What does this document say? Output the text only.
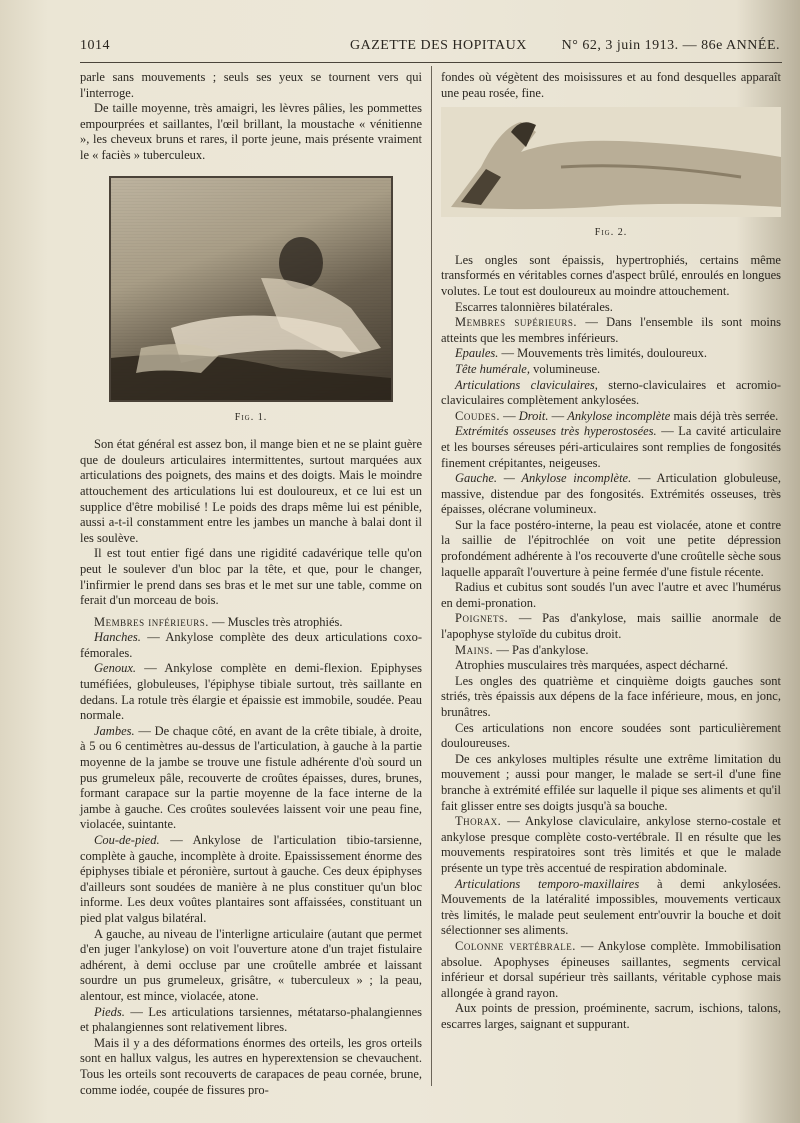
1014	GAZETTE DES HOPITAUX N° 62, 3 juin 1913. — 86e ANNÉE.

parle sans mouvements ; seuls ses yeux se tournent vers qui l'interroge.

De taille moyenne, très amaigri, les lèvres pâlies, les pommettes empourprées et saillantes, l'œil brillant, la moustache « vénitienne », les cheveux bruns et rares, il porte jeune, mais présente vraiment le « faciès » tuberculeux.

Fig. 1.

Son état général est assez bon, il mange bien et ne se plaint guère que de douleurs articulaires intermittentes, surtout marquées aux articulations des poignets, des mains et des doigts. Mais le moindre attouchement des articulations lui est douloureux, et ce lui est un supplice d'être mobilisé ! Le poids des draps même lui est pénible, aussi a-t-il constamment entre les jambes un manche à balai dont il les soulève.

Il est tout entier figé dans une rigidité cadavérique telle qu'on peut le soulever d'un bloc par la tête, et que, pour le changer, l'infirmier le prend dans ses bras et le met sur une table, comme on ferait d'un morceau de bois.

Membres inférieurs. — Muscles très atrophiés.

Hanches. — Ankylose complète des deux articulations coxo-fémorales.

Genoux. — Ankylose complète en demi-flexion. Epiphyses tuméfiées, globuleuses, l'épiphyse tibiale surtout, très saillante en dedans. La rotule très élargie et épaissie est immobile, soudée. Peau normale.

Jambes. — De chaque côté, en avant de la crête tibiale, à droite, à 5 ou 6 centimètres au-dessus de l'articulation, à gauche à la partie moyenne de la jambe se trouve une fistule adhérente d'où sourd un pus grumeleux pâle, recouverte de croûtes épaisses, dures, brunes, formant carapace sur la partie moyenne de la face interne de la jambe à gauche. Ces croûtes soulevées laissent voir une peau fine, violacée, suintante.

Cou-de-pied. — Ankylose de l'articulation tibio-tarsienne, complète à gauche, incomplète à droite. Epaississement énorme des épiphyses tibiale et péronière, surtout à gauche. Ces deux épiphyses d'ailleurs sont soudées de manière à ne plus constituer qu'un bloc informe. Les deux voûtes plantaires sont affaissées, constituant un pied plat valgus bilatéral.

A gauche, au niveau de l'interligne articulaire (autant que permet d'en juger l'ankylose) on voit l'ouverture atone d'un trajet fistulaire adhérent, à demi occluse par une croûtelle ambrée et laissant sourdre un pus grumeleux, grisâtre, « tuberculeux » ; la peau, alentour, est mince, violacée, atone.

Pieds. — Les articulations tarsiennes, métatarso-phalangiennes et phalangiennes sont relativement libres.

Mais il y a des déformations énormes des orteils, les gros orteils sont en hallux valgus, les autres en hyperextension se chevauchent. Tous les orteils sont recouverts de carapaces de peau cornée, brune, comme iodée, coupée de fissures pro-

fondes où végètent des moisissures et au fond desquelles apparaît une peau rosée, fine.

Fig. 2.

Les ongles sont épaissis, hypertrophiés, certains même transformés en véritables cornes d'aspect brûlé, enroulés en longues volutes. Le tout est douloureux au moindre attouchement.

Escarres talonnières bilatérales.

Membres supérieurs. — Dans l'ensemble ils sont moins atteints que les membres inférieurs.

Epaules. — Mouvements très limités, douloureux.

Tête humérale, volumineuse.

Articulations claviculaires, sterno-claviculaires et acromio-claviculaires complètement ankylosées.

Coudes. — Droit. — Ankylose incomplète mais déjà très serrée.

Extrémités osseuses très hyperostosées. — La cavité articulaire et les bourses séreuses péri-articulaires sont remplies de fongosités finement crépitantes, neigeuses.

Gauche. — Ankylose incomplète. — Articulation globuleuse, massive, distendue par des fongosités. Extrémités osseuses, très épaisses, olécrane volumineux.

Sur la face postéro-interne, la peau est violacée, atone et contre la saillie de l'épitrochlée on voit une petite dépression profondément adhérente à l'os recouverte d'une croûtelle sèche sous laquelle apparaît l'ouverture à peine fermée d'une fistule récente.

Radius et cubitus sont soudés l'un avec l'autre et avec l'humérus en demi-pronation.

Poignets. — Pas d'ankylose, mais saillie anormale de l'apophyse styloïde du cubitus droit.

Mains. — Pas d'ankylose.

Atrophies musculaires très marquées, aspect décharné.

Les ongles des quatrième et cinquième doigts gauches sont striés, très épaissis aux dépens de la face inférieure, mous, en jonc, brunâtres.

Ces articulations non encore soudées sont particulièrement douloureuses.

De ces ankyloses multiples résulte une extrême limitation du mouvement ; aussi pour manger, le malade se sert-il d'une fine branche à extrémité effilée sur laquelle il pique ses aliments et qu'il fait glisser entre ses doigts jusqu'à sa bouche.

Thorax. — Ankylose claviculaire, ankylose sterno-costale et ankylose presque complète costo-vertébrale. Il en résulte que les mouvements respiratoires sont très limités et que le malade présente un type très accentué de respiration abdominale.

Articulations temporo-maxillaires à demi ankylosées. Mouvements de la latéralité impossibles, mouvements verticaux très limités, le malade peut seulement entr'ouvrir la bouche et doit sélectionner ses aliments.

Colonne vertébrale. — Ankylose complète. Immobilisation absolue. Apophyses épineuses saillantes, segments cervical inférieur et dorsal supérieur très saillants, véritable cyphose mais allongée à grand rayon.

Aux points de pression, proéminente, sacrum, ischions, talons, escarres larges, saignant et suppurant.
